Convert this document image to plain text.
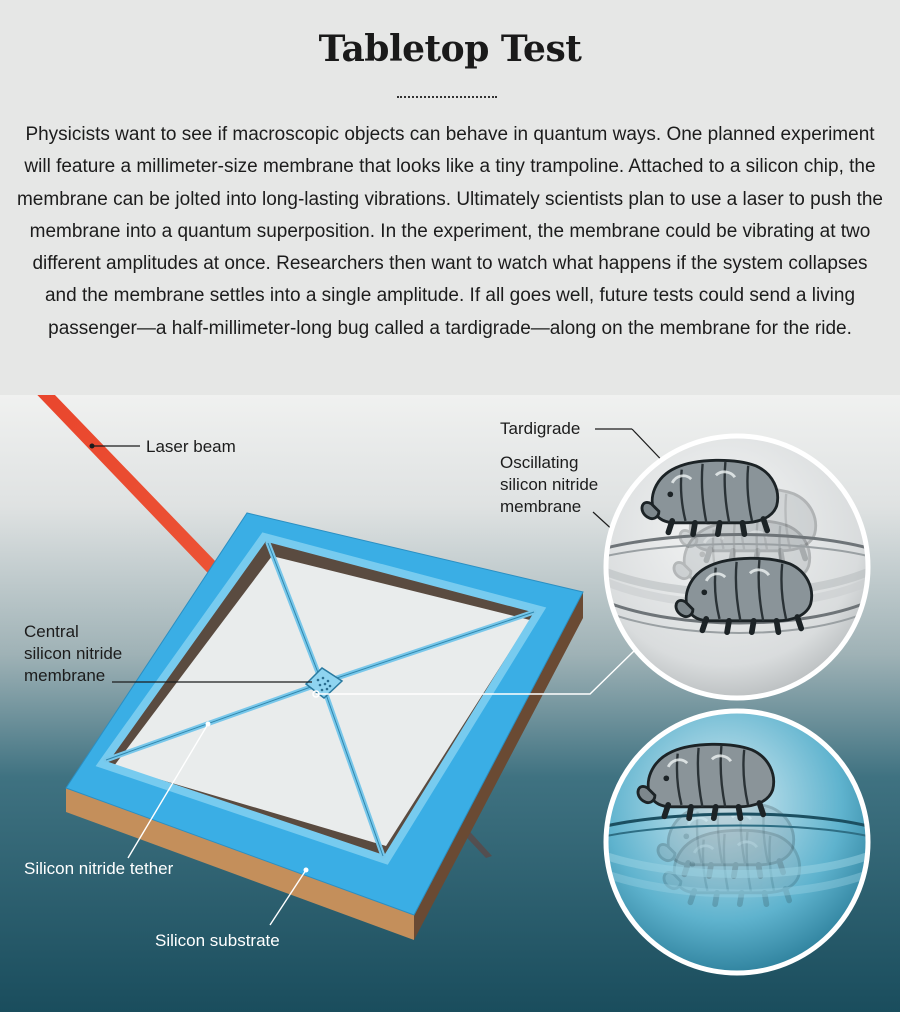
Tabletop Test

Physicists want to see if macroscopic objects can behave in quantum ways. One planned experiment will feature a millimeter-size membrane that looks like a tiny trampoline. Attached to a silicon chip, the membrane can be jolted into long-lasting vibrations. Ultimately scientists plan to use a laser to push the membrane into a quantum superposition. In the experiment, the membrane could be vibrating at two different amplitudes at once. Researchers then want to watch what happens if the system collapses and the membrane settles into a single amplitude. If all goes well, future tests could send a living passenger—a half-millimeter-long bug called a tardigrade—along on the membrane for the ride.

Laser beam
Central
silicon nitride
membrane
Silicon nitride tether
Silicon substrate
Tardigrade
Oscillating
silicon nitride
membrane
